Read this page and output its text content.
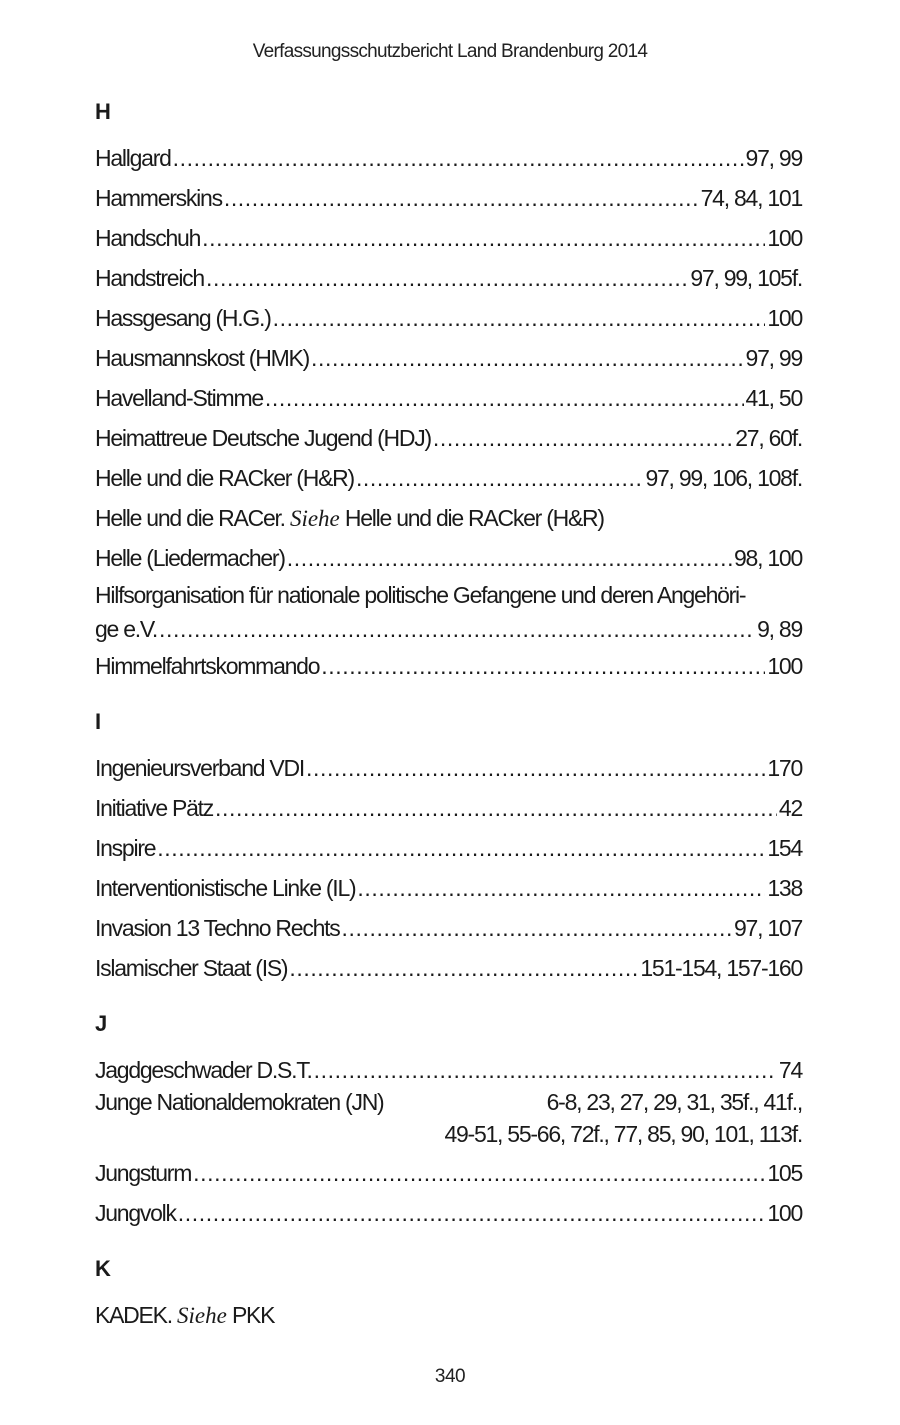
Verfassungsschutzbericht Land Brandenburg 2014
H
Hallgard .....	97, 99
Hammerskins .....	74, 84, 101
Handschuh .....	100
Handstreich .....	97, 99, 105f.
Hassgesang (H.G.) .....	100
Hausmannskost (HMK) .....	97, 99
Havelland-Stimme .....	41, 50
Heimattreue Deutsche Jugend (HDJ) .....	27, 60f.
Helle und die RACker (H&R) .....	97, 99, 106, 108f.
Helle und die RACer. Siehe Helle und die RACker (H&R)
Helle (Liedermacher) .....	98, 100
Hilfsorganisation für nationale politische Gefangene und deren Angehöri-
ge e.V. .....	9, 89
Himmelfahrtskommando .....	100
I
Ingenieursverband VDI .....	170
Initiative Pätz .....	42
Inspire .....	154
Interventionistische Linke (IL) .....	138
Invasion 13 Techno Rechts .....	97, 107
Islamischer Staat (IS) .....	151-154, 157-160
J
Jagdgeschwader D.S.T. .....	74
Junge Nationaldemokraten (JN)	6-8, 23, 27, 29, 31, 35f., 41f.,
49-51, 55-66, 72f., 77, 85, 90, 101, 113f.
Jungsturm .....	105
Jungvolk .....	100
K
KADEK. Siehe PKK
340
